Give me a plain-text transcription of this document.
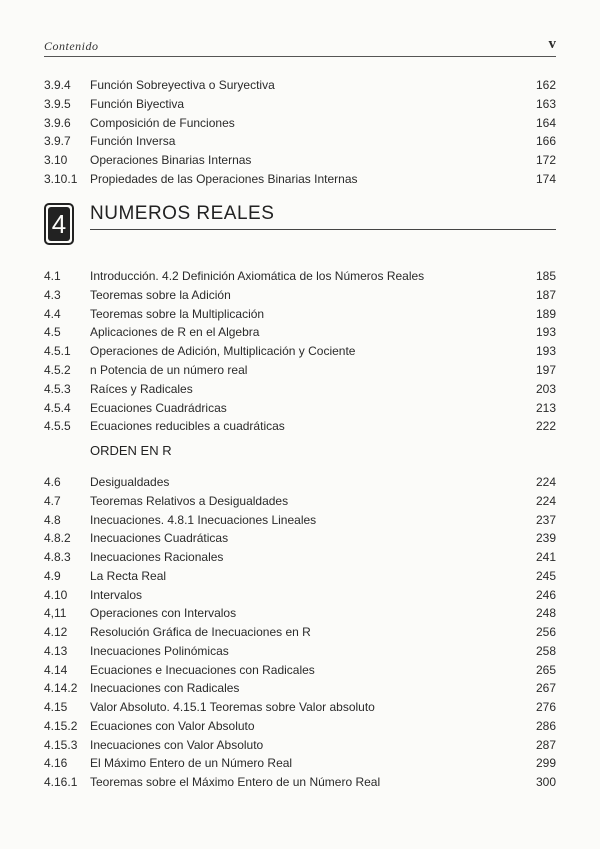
Contenido	v
3.9.4 Función Sobreyectiva o Suryectiva	162
3.9.5 Función Biyectiva	163
3.9.6 Composición de Funciones	164
3.9.7 Función Inversa	166
3.10 Operaciones Binarias Internas	172
3.10.1 Propiedades de las Operaciones Binarias Internas	174
4 NUMEROS REALES
4.1 Introducción. 4.2 Definición Axiomática de los Números Reales	185
4.3 Teoremas sobre la Adición	187
4.4 Teoremas sobre la Multiplicación	189
4.5 Aplicaciones de R en el Algebra	193
4.5.1 Operaciones de Adición, Multiplicación y Cociente	193
4.5.2 n Potencia de un número real	197
4.5.3 Raíces y Radicales	203
4.5.4 Ecuaciones Cuadrádricas	213
4.5.5 Ecuaciones reducibles a cuadráticas	222
ORDEN EN R
4.6 Desigualdades	224
4.7 Teoremas Relativos a Desigualdades	224
4.8 Inecuaciones. 4.8.1 Inecuaciones Lineales	237
4.8.2 Inecuaciones Cuadráticas	239
4.8.3 Inecuaciones Racionales	241
4.9 La Recta Real	245
4.10 Intervalos	246
4,11 Operaciones con Intervalos	248
4.12 Resolución Gráfica de Inecuaciones en R	256
4.13 Inecuaciones Polinómicas	258
4.14 Ecuaciones e Inecuaciones con Radicales	265
4.14.2 Inecuaciones con Radicales	267
4.15 Valor Absoluto. 4.15.1 Teoremas sobre Valor absoluto	276
4.15.2 Ecuaciones con Valor Absoluto	286
4.15.3 Inecuaciones con Valor Absoluto	287
4.16 El Máximo Entero de un Número Real	299
4.16.1 Teoremas sobre el Máximo Entero de un Número Real	300
